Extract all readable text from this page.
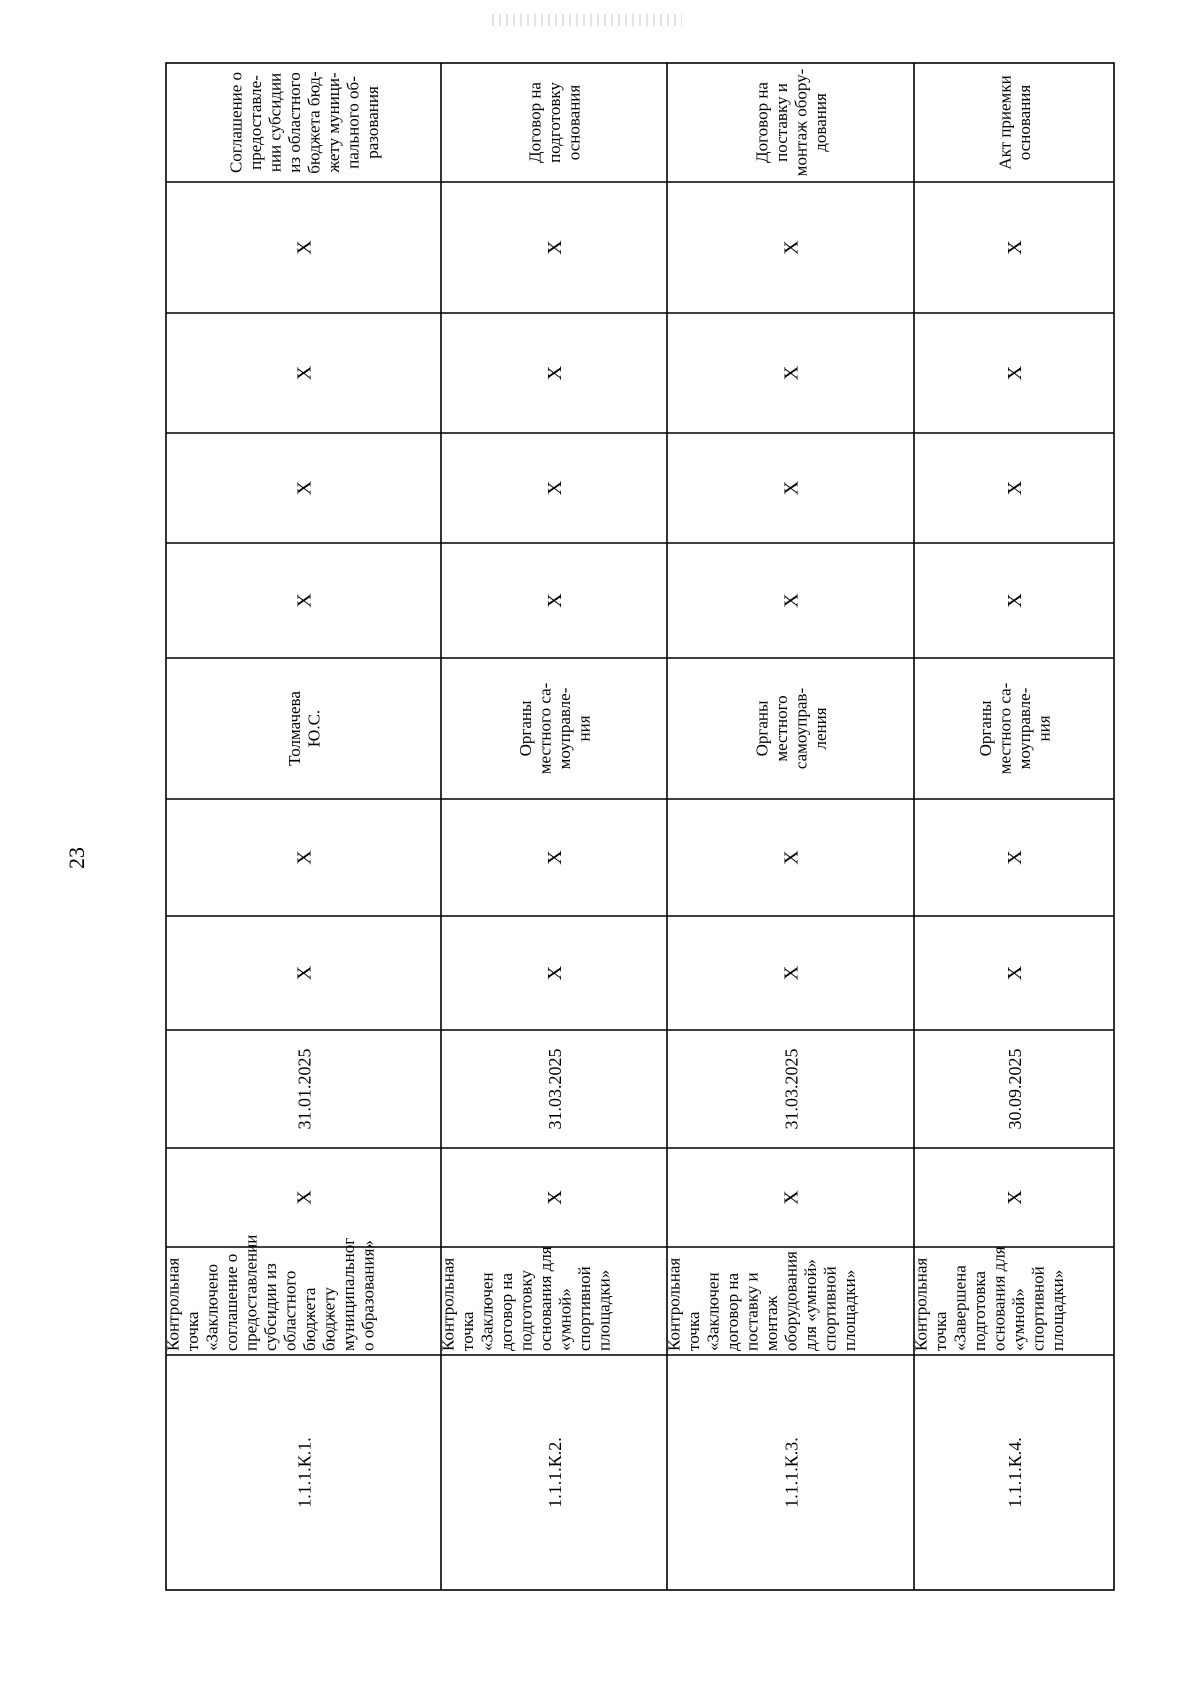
23
1.1.1.К.1.
Контрольная точка «Заключено соглашение о предоставлении субсидии из областного бюджета бюджету муниципальног о образования»
X
31.01.2025
X
X
Толмачева Ю.С.
X
X
X
X
Соглашение о предоставле- нии субсидии из областного бюджета бюд- жету муници- пального об- разования
1.1.1.К.2.
Контрольная точка «Заключен договор на подготовку основания для «умной» спортивной площадки»
X
31.03.2025
X
X
Органы местного са- моуправле- ния
X
X
X
X
Договор на подготовку основания
1.1.1.К.3.
Контрольная точка «Заключен договор на поставку и монтаж оборудования для «умной» спортивной площадки»
X
31.03.2025
X
X
Органы местного самоуправ- ления
X
X
X
X
Договор на поставку и монтаж обору- дования
1.1.1.К.4.
Контрольная точка «Завершена подготовка основания для «умной» спортивной площадки»
X
30.09.2025
X
X
Органы местного са- моуправле- ния
X
X
X
X
Акт приемки основания
